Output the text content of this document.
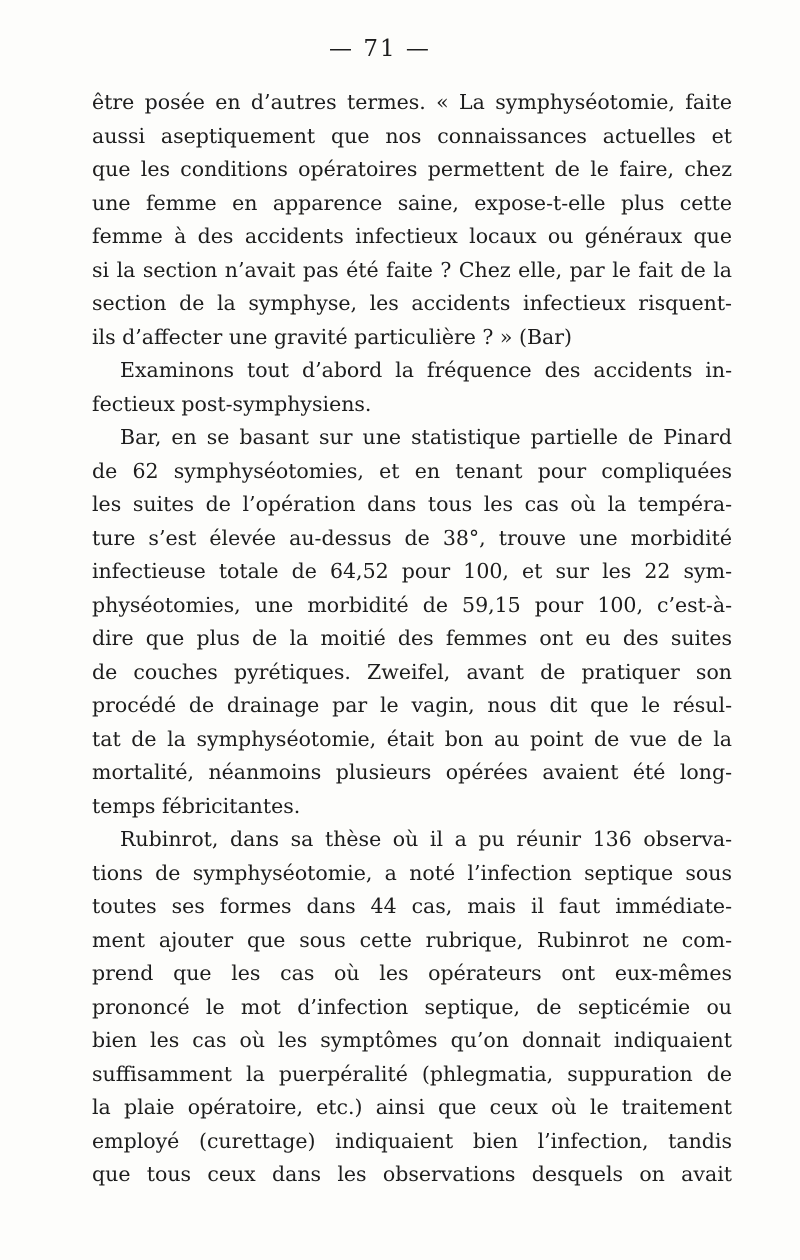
— 71 —
être posée en d’autres termes. « La symphyséotomie, faite
aussi aseptiquement que nos connaissances actuelles et
que les conditions opératoires permettent de le faire, chez
une femme en apparence saine, expose-t-elle plus cette
femme à des accidents infectieux locaux ou généraux que
si la section n’avait pas été faite ? Chez elle, par le fait de la
section de la symphyse, les accidents infectieux risquent-
ils d’affecter une gravité particulière ? » (Bar)
Examinons tout d’abord la fréquence des accidents in-
fectieux post-symphysiens.
Bar, en se basant sur une statistique partielle de Pinard
de 62 symphyséotomies, et en tenant pour compliquées
les suites de l’opération dans tous les cas où la tempéra-
ture s’est élevée au-dessus de 38°, trouve une morbidité
infectieuse totale de 64,52 pour 100, et sur les 22 sym-
physéotomies, une morbidité de 59,15 pour 100, c’est-à-
dire que plus de la moitié des femmes ont eu des suites
de couches pyrétiques. Zweifel, avant de pratiquer son
procédé de drainage par le vagin, nous dit que le résul-
tat de la symphyséotomie, était bon au point de vue de la
mortalité, néanmoins plusieurs opérées avaient été long-
temps fébricitantes.
Rubinrot, dans sa thèse où il a pu réunir 136 observa-
tions de symphyséotomie, a noté l’infection septique sous
toutes ses formes dans 44 cas, mais il faut immédiate-
ment ajouter que sous cette rubrique, Rubinrot ne com-
prend que les cas où les opérateurs ont eux-mêmes
prononcé le mot d’infection septique, de septicémie ou
bien les cas où les symptômes qu’on donnait indiquaient
suffisamment la puerpéralité (phlegmatia, suppuration de
la plaie opératoire, etc.) ainsi que ceux où le traitement
employé (curettage) indiquaient bien l’infection, tandis
que tous ceux dans les observations desquels on avait
